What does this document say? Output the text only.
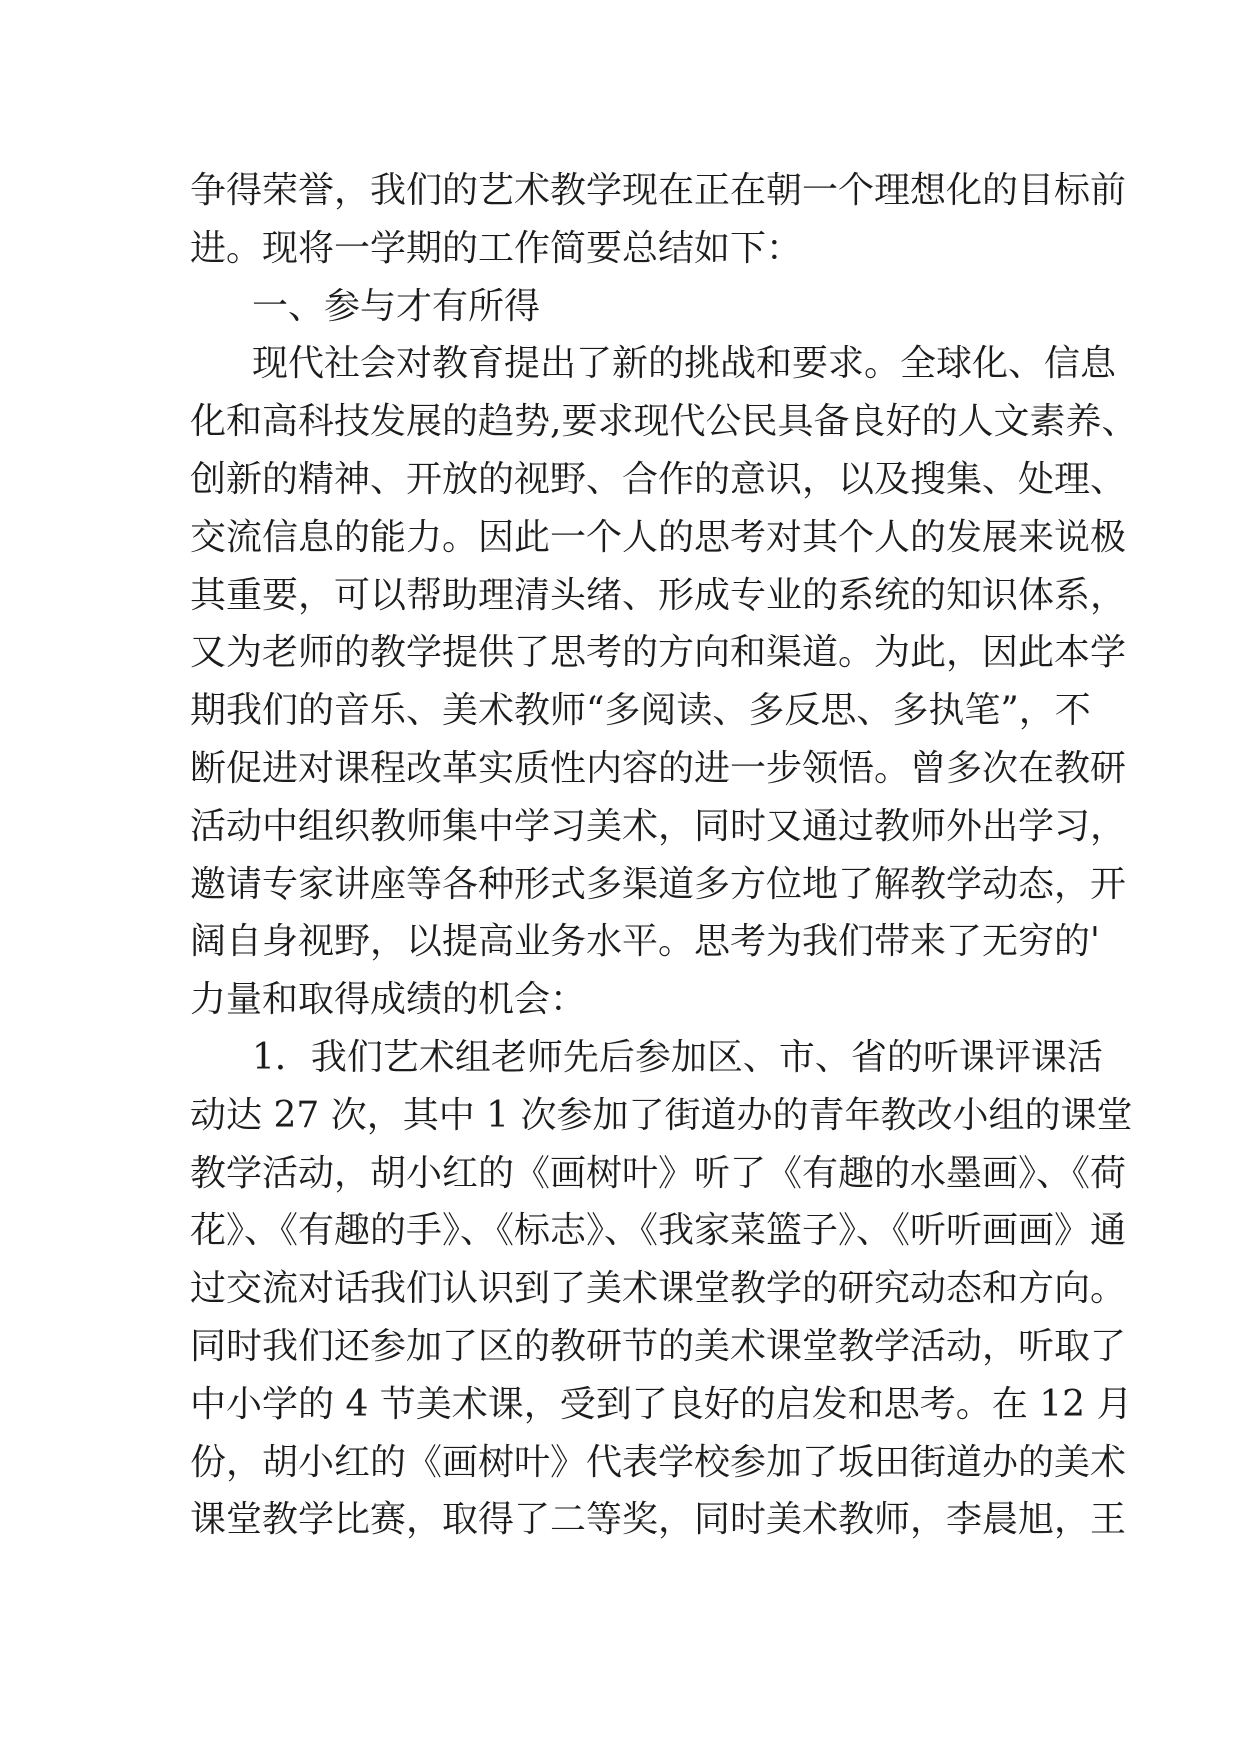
争得荣誉，我们的艺术教学现在正在朝一个理想化的目标前
进。现将一学期的工作简要总结如下：
一、参与才有所得
现代社会对教育提出了新的挑战和要求。全球化、信息
化和高科技发展的趋势,要求现代公民具备良好的人文素养、
创新的精神、开放的视野、合作的意识，以及搜集、处理、
交流信息的能力。因此一个人的思考对其个人的发展来说极
其重要，可以帮助理清头绪、形成专业的系统的知识体系，
又为老师的教学提供了思考的方向和渠道。为此，因此本学
期我们的音乐、美术教师“多阅读、多反思、多执笔”，不
断促进对课程改革实质性内容的进一步领悟。曾多次在教研
活动中组织教师集中学习美术，同时又通过教师外出学习，
邀请专家讲座等各种形式多渠道多方位地了解教学动态，开
阔自身视野，以提高业务水平。思考为我们带来了无穷的'
力量和取得成绩的机会：
1．我们艺术组老师先后参加区、市、省的听课评课活
动达 27 次，其中 1 次参加了街道办的青年教改小组的课堂
教学活动，胡小红的《画树叶》听了《有趣的水墨画》、《荷
花》、《有趣的手》、《标志》、《我家菜篮子》、《听听画画》通
过交流对话我们认识到了美术课堂教学的研究动态和方向。
同时我们还参加了区的教研节的美术课堂教学活动，听取了
中小学的 4 节美术课，受到了良好的启发和思考。在 12 月
份，胡小红的《画树叶》代表学校参加了坂田街道办的美术
课堂教学比赛，取得了二等奖，同时美术教师，李晨旭，王
